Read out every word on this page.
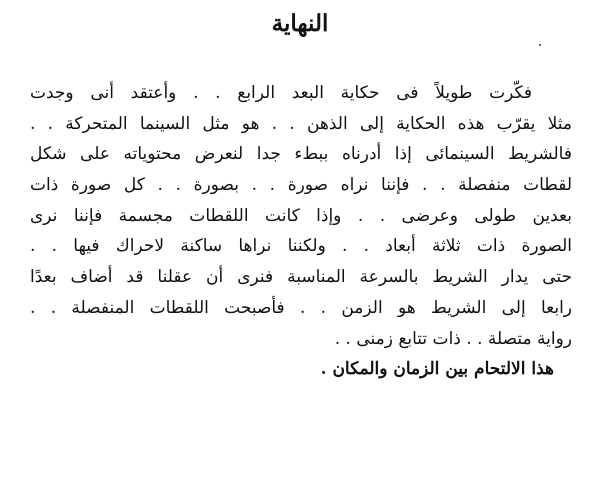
النهاية
فكّرت طويلاً فى حكاية البعد الرابع . . وأعتقد أنى وجدت
مثلا يقرّب هذه الحكاية إلى الذهن . . هو مثل السينما المتحركة . .
فالشريط السينمائى إذا أدرناه ببطء جدا لنعرض محتوياته على شكل
لقطات منفصلة . . فإننا نراه صورة . . بصورة . . كل صورة ذات
بعدين طولى وعرضى . . وإذا كانت اللقطات مجسمة فإننا نرى
الصورة ذات ثلاثة أبعاد . . ولكننا نراها ساكنة لاحراك فيها . .
حتى يدار الشريط بالسرعة المناسبة فنرى أن عقلنا قد أضاف بعدًا
رابعا إلى الشريط هو الزمن . . فأصبحت اللقطات المنفصلة . .
رواية متصلة . . ذات تتابع زمنى . .
هذا الالتحام بين الزمان والمكان .
